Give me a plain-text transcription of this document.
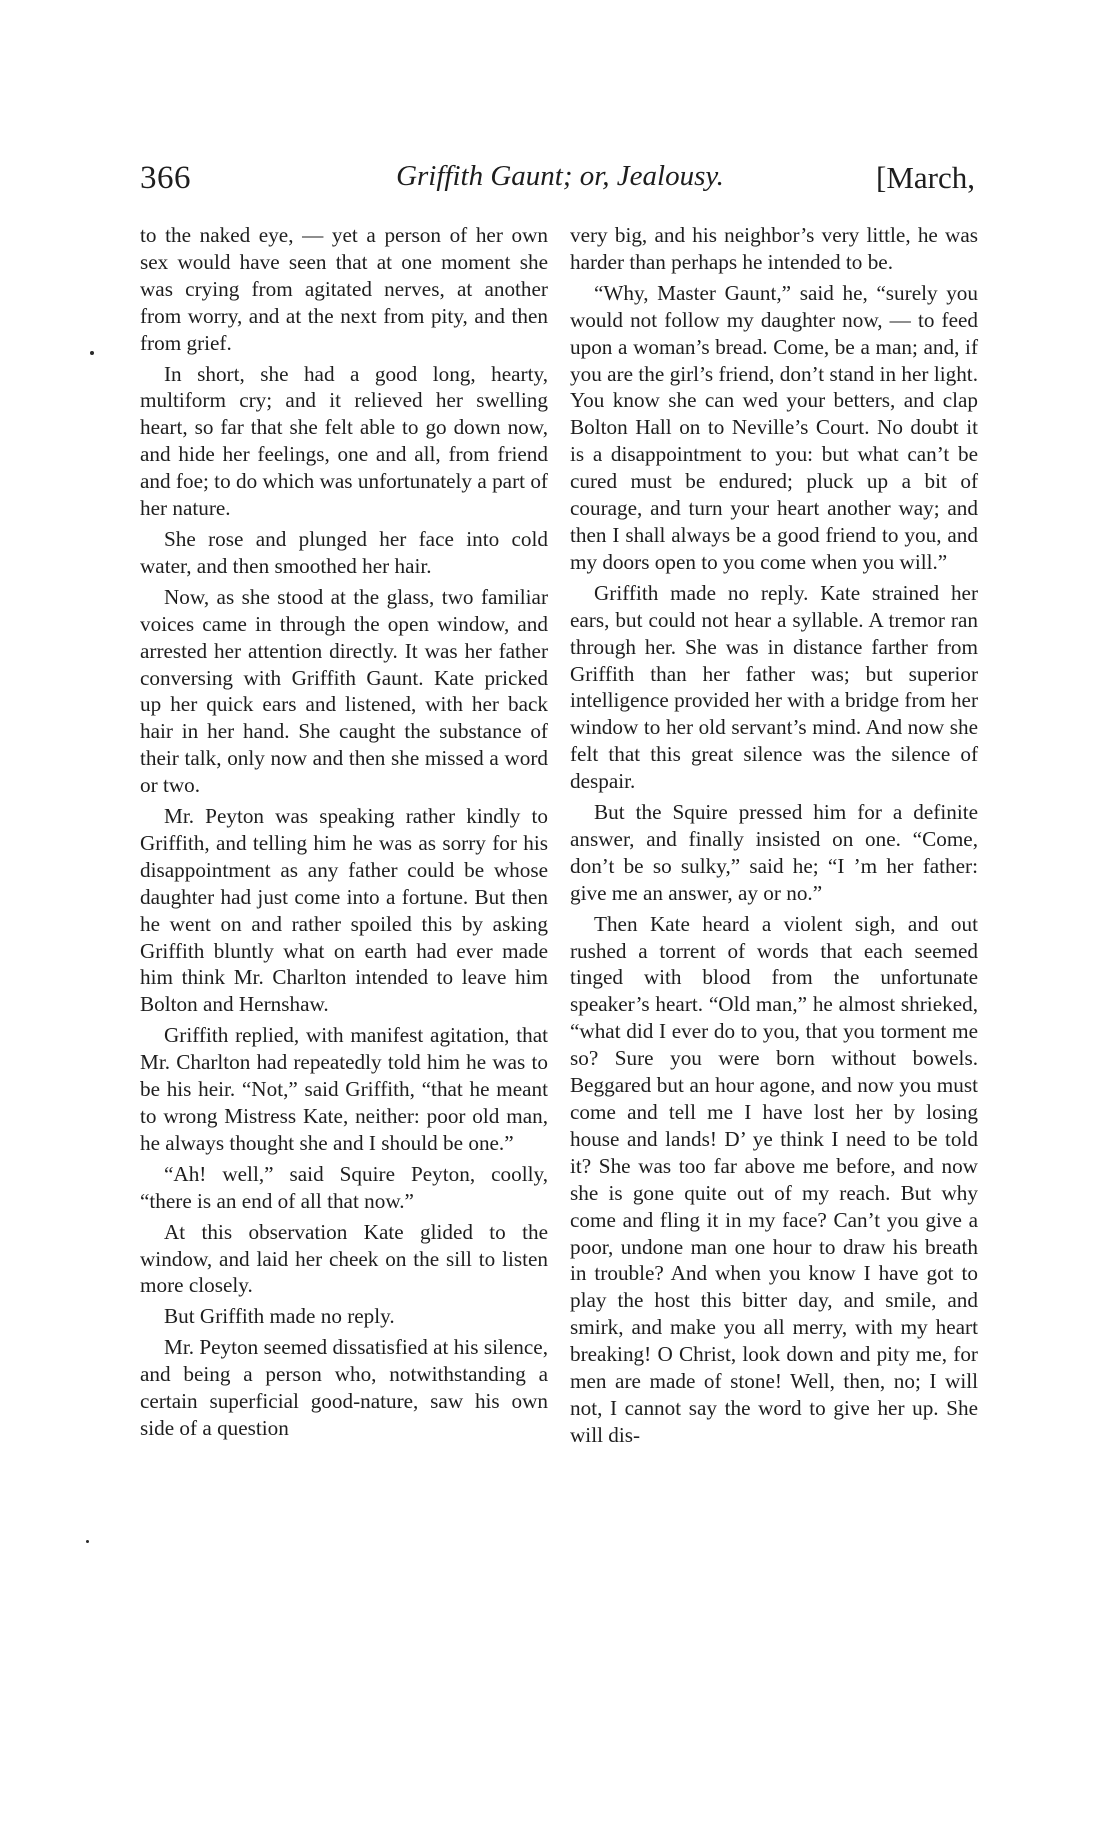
366	Griffith Gaunt; or, Jealousy.	[March,

to the naked eye, — yet a person of her own sex would have seen that at one moment she was crying from agitated nerves, at another from worry, and at the next from pity, and then from grief.

In short, she had a good long, hearty, multiform cry; and it relieved her swelling heart, so far that she felt able to go down now, and hide her feelings, one and all, from friend and foe; to do which was unfortunately a part of her nature.

She rose and plunged her face into cold water, and then smoothed her hair.

Now, as she stood at the glass, two familiar voices came in through the open window, and arrested her attention directly. It was her father conversing with Griffith Gaunt. Kate pricked up her quick ears and listened, with her back hair in her hand. She caught the substance of their talk, only now and then she missed a word or two.

Mr. Peyton was speaking rather kindly to Griffith, and telling him he was as sorry for his disappointment as any father could be whose daughter had just come into a fortune. But then he went on and rather spoiled this by asking Griffith bluntly what on earth had ever made him think Mr. Charlton intended to leave him Bolton and Hernshaw.

Griffith replied, with manifest agitation, that Mr. Charlton had repeatedly told him he was to be his heir. “Not,” said Griffith, “that he meant to wrong Mistress Kate, neither: poor old man, he always thought she and I should be one.”

“Ah! well,” said Squire Peyton, coolly, “there is an end of all that now.”

At this observation Kate glided to the window, and laid her cheek on the sill to listen more closely.

But Griffith made no reply.

Mr. Peyton seemed dissatisfied at his silence, and being a person who, notwithstanding a certain superficial good-nature, saw his own side of a question

very big, and his neighbor’s very little, he was harder than perhaps he intended to be.

“Why, Master Gaunt,” said he, “surely you would not follow my daughter now, — to feed upon a woman’s bread. Come, be a man; and, if you are the girl’s friend, don’t stand in her light. You know she can wed your betters, and clap Bolton Hall on to Neville’s Court. No doubt it is a disappointment to you: but what can’t be cured must be endured; pluck up a bit of courage, and turn your heart another way; and then I shall always be a good friend to you, and my doors open to you come when you will.”

Griffith made no reply. Kate strained her ears, but could not hear a syllable. A tremor ran through her. She was in distance farther from Griffith than her father was; but superior intelligence provided her with a bridge from her window to her old servant’s mind. And now she felt that this great silence was the silence of despair.

But the Squire pressed him for a definite answer, and finally insisted on one. “Come, don’t be so sulky,” said he; “I ’m her father: give me an answer, ay or no.”

Then Kate heard a violent sigh, and out rushed a torrent of words that each seemed tinged with blood from the unfortunate speaker’s heart. “Old man,” he almost shrieked, “what did I ever do to you, that you torment me so? Sure you were born without bowels. Beggared but an hour agone, and now you must come and tell me I have lost her by losing house and lands! D’ ye think I need to be told it? She was too far above me before, and now she is gone quite out of my reach. But why come and fling it in my face? Can’t you give a poor, undone man one hour to draw his breath in trouble? And when you know I have got to play the host this bitter day, and smile, and smirk, and make you all merry, with my heart breaking! O Christ, look down and pity me, for men are made of stone! Well, then, no; I will not, I cannot say the word to give her up. She will dis-
